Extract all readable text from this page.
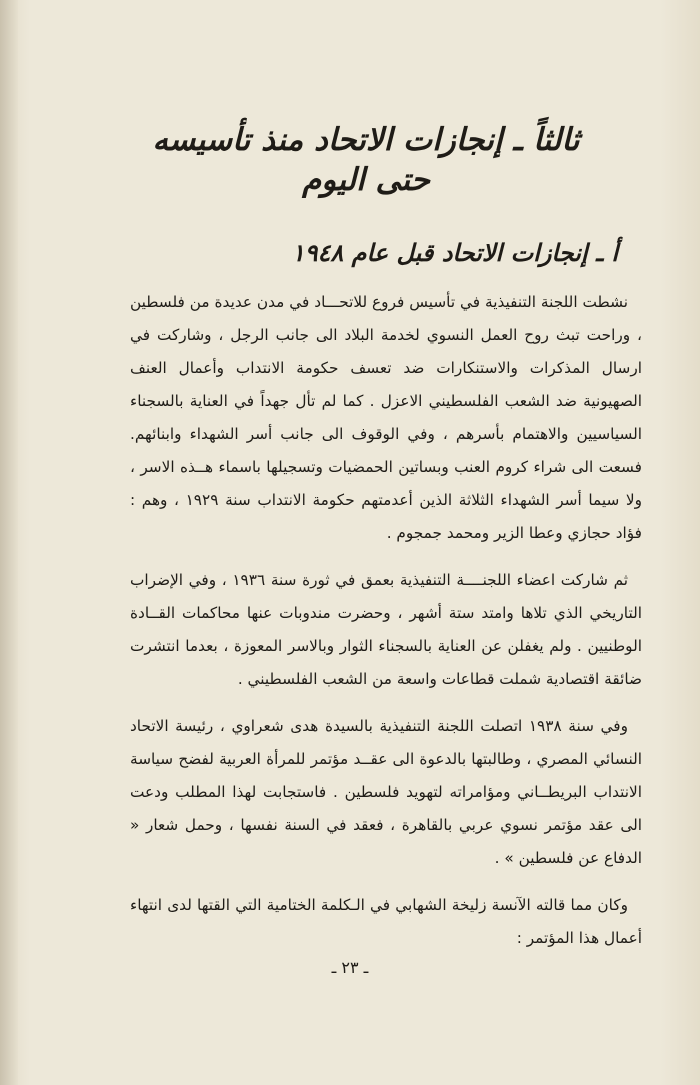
ثالثاً ـ إنجازات الاتحاد منذ تأسيسه حتى اليوم
أ ـ إنجازات الاتحاد قبل عام ١٩٤٨

نشطت اللجنة التنفيذية في تأسيس فروع للاتحـــاد في مدن عديدة من فلسطين ، وراحت تبث روح العمل النسوي لخدمة البلاد الى جانب الرجل ، وشاركت في ارسال المذكرات والاستنكارات ضد تعسف حكومة الانتداب وأعمال العنف الصهيونية ضد الشعب الفلسطيني الاعزل . كما لم تأل جهداً في العناية بالسجناء السياسيين والاهتمام بأسرهم ، وفي الوقوف الى جانب أسر الشهداء وابنائهم. فسعت الى شراء كروم العنب وبساتين الحمضيات وتسجيلها باسماء هــذه الاسر ، ولا سيما أسر الشهداء الثلاثة الذين أعدمتهم حكومة الانتداب سنة ١٩٢٩ ، وهم : فؤاد حجازي وعطا الزير ومحمد جمجوم .

ثم شاركت اعضاء اللجنــــة التنفيذية بعمق في ثورة سنة ١٩٣٦ ، وفي الإضراب التاريخي الذي تلاها وامتد ستة أشهر ، وحضرت مندوبات عنها محاكمات القــادة الوطنيين . ولم يغفلن عن العناية بالسجناء الثوار وبالاسر المعوزة ، بعدما انتشرت ضائقة اقتصادية شملت قطاعات واسعة من الشعب الفلسطيني .

وفي سنة ١٩٣٨ اتصلت اللجنة التنفيذية بالسيدة هدى شعراوي ، رئيسة الاتحاد النسائي المصري ، وطالبتها بالدعوة الى عقــد مؤتمر للمرأة العربية لفضح سياسة الانتداب البريطــاني ومؤامراته لتهويد فلسطين . فاستجابت لهذا المطلب ودعت الى عقد مؤتمر نسوي عربي بالقاهرة ، فعقد في السنة نفسها ، وحمل شعار « الدفاع عن فلسطين » .

وكان مما قالته الآنسة زليخة الشهابي في الـكلمة الختامية التي القتها لدى انتهاء أعمال هذا المؤتمر :

ـ ٢٣ ـ
